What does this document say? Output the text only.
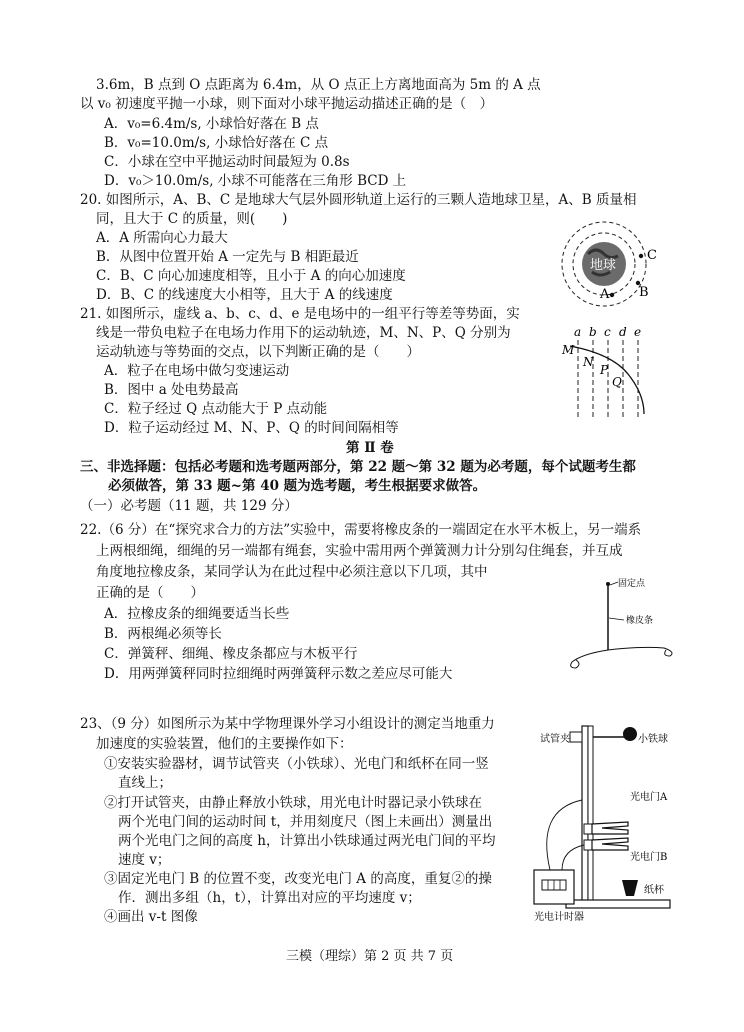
3.6m，B 点到 O 点距离为 6.4m，从 O 点正上方离地面高为 5m 的 A 点
以 v₀ 初速度平抛一小球，则下面对小球平抛运动描述正确的是（　）
A．v₀=6.4m/s, 小球恰好落在 B 点
B．v₀=10.0m/s, 小球恰好落在 C 点
C．小球在空中平抛运动时间最短为 0.8s
D．v₀＞10.0m/s, 小球不可能落在三角形 BCD 上
20. 如图所示，A、B、C 是地球大气层外圆形轨道上运行的三颗人造地球卫星，A、B 质量相
同，且大于 C 的质量，则(　　)
A．A 所需向心力最大
B．从图中位置开始 A 一定先与 B 相距最近
C．B、C 向心加速度相等，且小于 A 的向心加速度
D．B、C 的线速度大小相等，且大于 A 的线速度
地球
C
A B
21. 如图所示，虚线 a、b、c、d、e 是电场中的一组平行等差等势面，实
线是一带负电粒子在电场力作用下的运动轨迹，M、N、P、Q 分别为
运动轨迹与等势面的交点，以下判断正确的是（　　）
A．粒子在电场中做匀变速运动
B．图中 a 处电势最高
C．粒子经过 Q 点动能大于 P 点动能
D．粒子运动经过 M、N、P、Q 的时间间隔相等
a b c d e
M
N
P
Q
第 Ⅱ 卷
三、非选择题：包括必考题和选考题两部分，第 22 题～第 32 题为必考题，每个试题考生都
必须做答，第 33 题~第 40 题为选考题，考生根据要求做答。
（一）必考题（11 题，共 129 分）
22.（6 分）在“探究求合力的方法”实验中，需要将橡皮条的一端固定在水平木板上，另一端系
上两根细绳，细绳的另一端都有绳套，实验中需用两个弹簧测力计分别勾住绳套，并互成
角度地拉橡皮条，某同学认为在此过程中必须注意以下几项，其中
正确的是（　　）
A．拉橡皮条的细绳要适当长些
B．两根绳必须等长
C．弹簧秤、细绳、橡皮条都应与木板平行
D．用两弹簧秤同时拉细绳时两弹簧秤示数之差应尽可能大
固定点
橡皮条
23、（9 分）如图所示为某中学物理课外学习小组设计的测定当地重力
加速度的实验装置，他们的主要操作如下：
①安装实验器材，调节试管夹（小铁球）、光电门和纸杯在同一竖
直线上；
②打开试管夹，由静止释放小铁球，用光电计时器记录小铁球在
两个光电门间的运动时间 t，并用刻度尺（图上未画出）测量出
两个光电门之间的高度 h，计算出小铁球通过两光电门间的平均
速度 v；
③固定光电门 B 的位置不变，改变光电门 A 的高度，重复②的操
作．测出多组（h，t），计算出对应的平均速度 v；
④画出 v-t 图像
试管夹	小铁球
光电门A
光电门B
纸杯
光电计时器
三模（理综）第 2 页 共 7 页
